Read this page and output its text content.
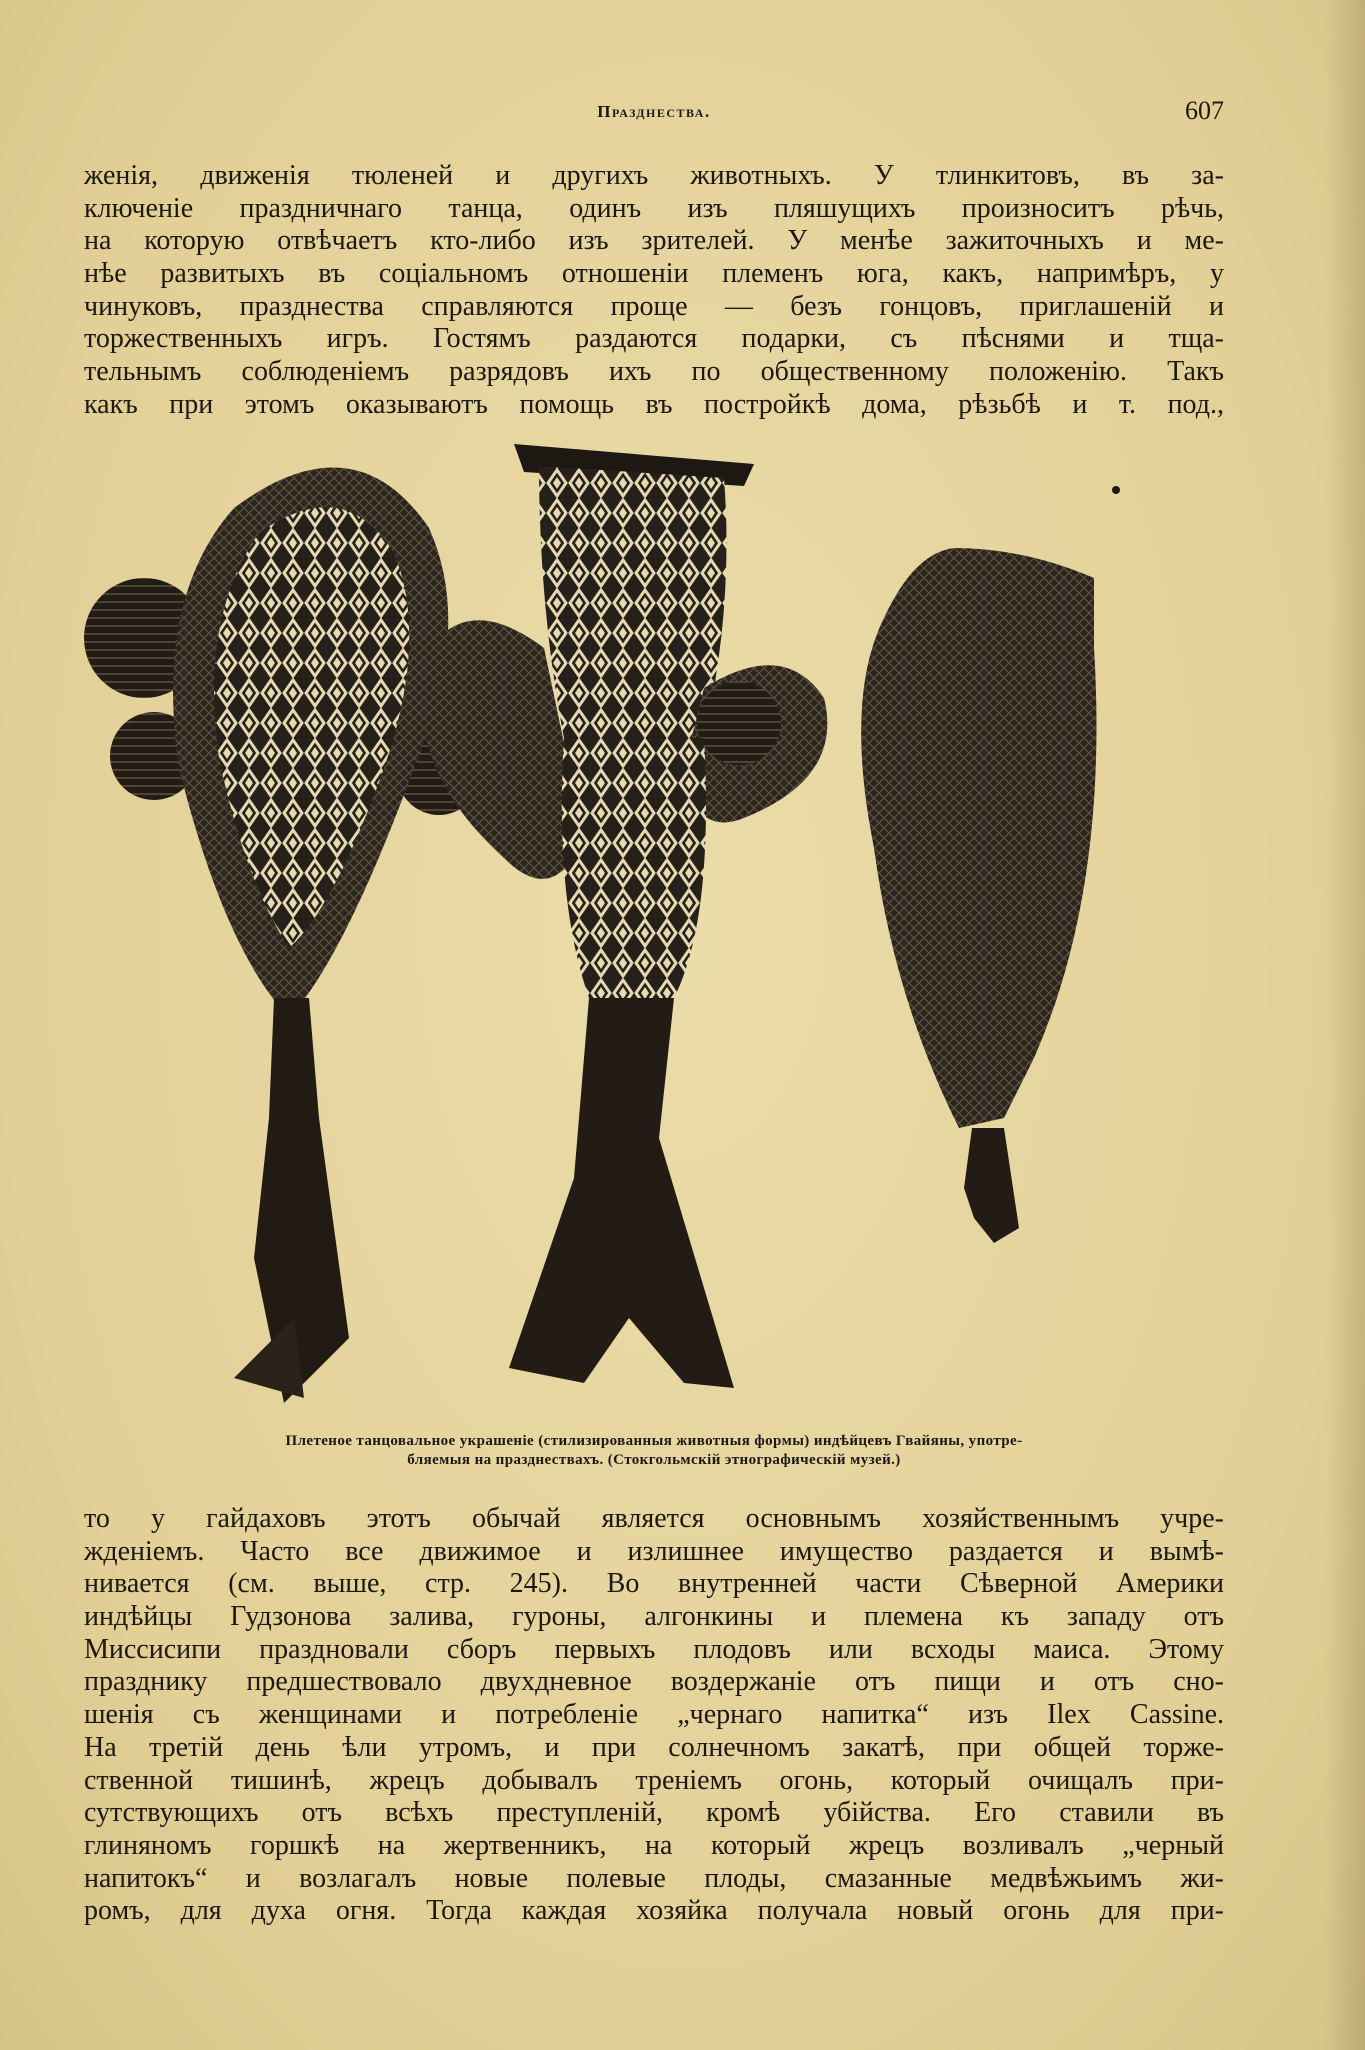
Празднества.	607
женія, движенія тюленей и другихъ животныхъ. У тлинкитовъ, въ за-
ключеніе праздничнаго танца, одинъ изъ пляшущихъ произноситъ рѣчь,
на которую отвѣчаетъ кто-либо изъ зрителей. У менѣе зажиточныхъ и ме-
нѣе развитыхъ въ соціальномъ отношеніи племенъ юга, какъ, напримѣръ, у
чинуковъ, празднества справляются проще — безъ гонцовъ, приглашеній и
торжественныхъ игръ. Гостямъ раздаются подарки, съ пѣснями и тща-
тельнымъ соблюденіемъ разрядовъ ихъ по общественному положенію. Такъ
какъ при этомъ оказываютъ помощь въ постройкѣ дома, рѣзьбѣ и т. под.,
Плетеное танцовальное украшеніе (стилизированныя животныя формы) индѣйцевъ Гвайяны, употре-
бляемыя на празднествахъ. (Стокгольмскій этнографическій музей.)
то у гайдаховъ этотъ обычай является основнымъ хозяйственнымъ учре-
жденіемъ. Часто все движимое и излишнее имущество раздается и вымѣ-
нивается (см. выше, стр. 245). Во внутренней части Сѣверной Америки
индѣйцы Гудзонова залива, гуроны, алгонкины и племена къ западу отъ
Миссисипи праздновали сборъ первыхъ плодовъ или всходы маиса. Этому
празднику предшествовало двухдневное воздержаніе отъ пищи и отъ сно-
шенія съ женщинами и потребленіе „чернаго напитка“ изъ Ilex Cassine.
На третій день ѣли утромъ, и при солнечномъ закатѣ, при общей торже-
ственной тишинѣ, жрецъ добывалъ треніемъ огонь, который очищалъ при-
сутствующихъ отъ всѣхъ преступленій, кромѣ убійства. Его ставили въ
глиняномъ горшкѣ на жертвенникъ, на который жрецъ возливалъ „черный
напитокъ“ и возлагалъ новые полевые плоды, смазанные медвѣжьимъ жи-
ромъ, для духа огня. Тогда каждая хозяйка получала новый огонь для при-
